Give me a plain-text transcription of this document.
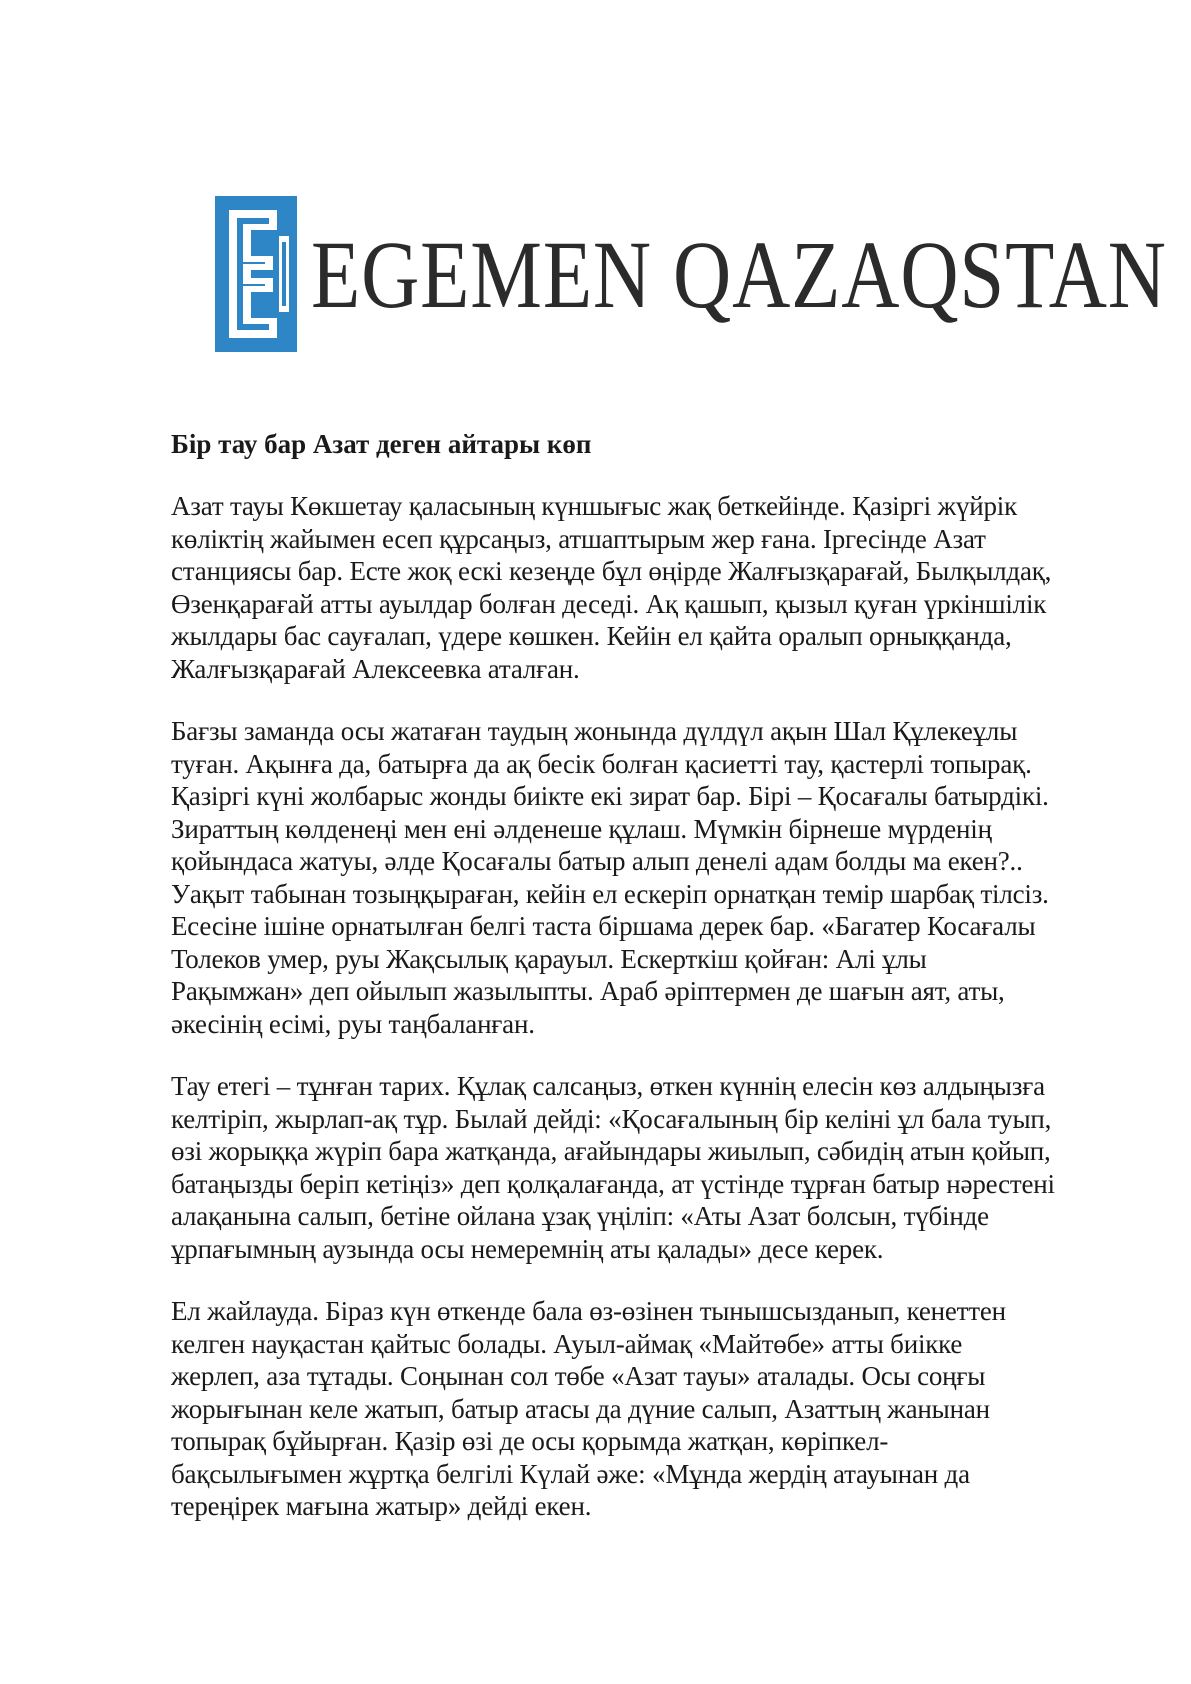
EGEMEN QAZAQSTAN
Бір тау бар Азат деген айтары көп
Азат тауы Көкшетау қаласының күншығыс жақ беткейінде. Қазіргі жүйрік
көліктің жайымен есеп құрсаңыз, атшаптырым жер ғана. Іргесінде Азат
станциясы бар. Есте жоқ ескі кезеңде бұл өңірде Жалғызқарағай, Былқылдақ,
Өзенқарағай атты ауылдар болған деседі. Ақ қашып, қызыл қуған үркіншілік
жылдары бас сауғалап, үдере көшкен. Кейін ел қайта оралып орныққанда,
Жалғызқарағай Алексеевка аталған.
Бағзы заманда осы жатаған таудың жонында дүлдүл ақын Шал Құлекеұлы
туған. Ақынға да, батырға да ақ бесік болған қасиетті тау, қастерлі топырақ.
Қазіргі күні жолбарыс жонды биікте екі зират бар. Бірі – Қосағалы батырдікі.
Зираттың көлденеңі мен ені әлденеше құлаш. Мүмкін бірнеше мүрденің
қойындаса жатуы, әлде Қосағалы батыр алып денелі адам болды ма екен?..
Уақыт табынан тозыңқыраған, кейін ел ескеріп орнатқан темір шарбақ тілсіз.
Есесіне ішіне орнатылған белгі таста біршама дерек бар. «Багатер Косағалы
Толеков умер, руы Жақсылық қарауыл. Ескерткіш қойған: Алі ұлы
Рақымжан» деп ойылып жазылыпты. Араб әріптермен де шағын аят, аты,
әкесінің есімі, руы таңбаланған.
Тау етегі – тұнған тарих. Құлақ салсаңыз, өткен күннің елесін көз алдыңызға
келтіріп, жырлап-ақ тұр. Былай дейді: «Қосағалының бір келіні ұл бала туып,
өзі жорыққа жүріп бара жатқанда, ағайындары жиылып, сәбидің атын қойып,
батаңызды беріп кетіңіз» деп қолқалағанда, ат үстінде тұрған батыр нәрестені
алақанына салып, бетіне ойлана ұзақ үңіліп: «Аты Азат болсын, түбінде
ұрпағымның аузында осы немеремнің аты қалады» десе керек.
Ел жайлауда. Біраз күн өткенде бала өз-өзінен тынышсызданып, кенеттен
келген науқастан қайтыс болады. Ауыл-аймақ «Майтөбе» атты биікке
жерлеп, аза тұтады. Соңынан сол төбе «Азат тауы» аталады. Осы соңғы
жорығынан келе жатып, батыр атасы да дүние салып, Азаттың жанынан
топырақ бұйырған. Қазір өзі де осы қорымда жатқан, көріпкел-
бақсылығымен жұртқа белгілі Күлай әже: «Мұнда жердің атауынан да
тереңірек мағына жатыр» дейді екен.
